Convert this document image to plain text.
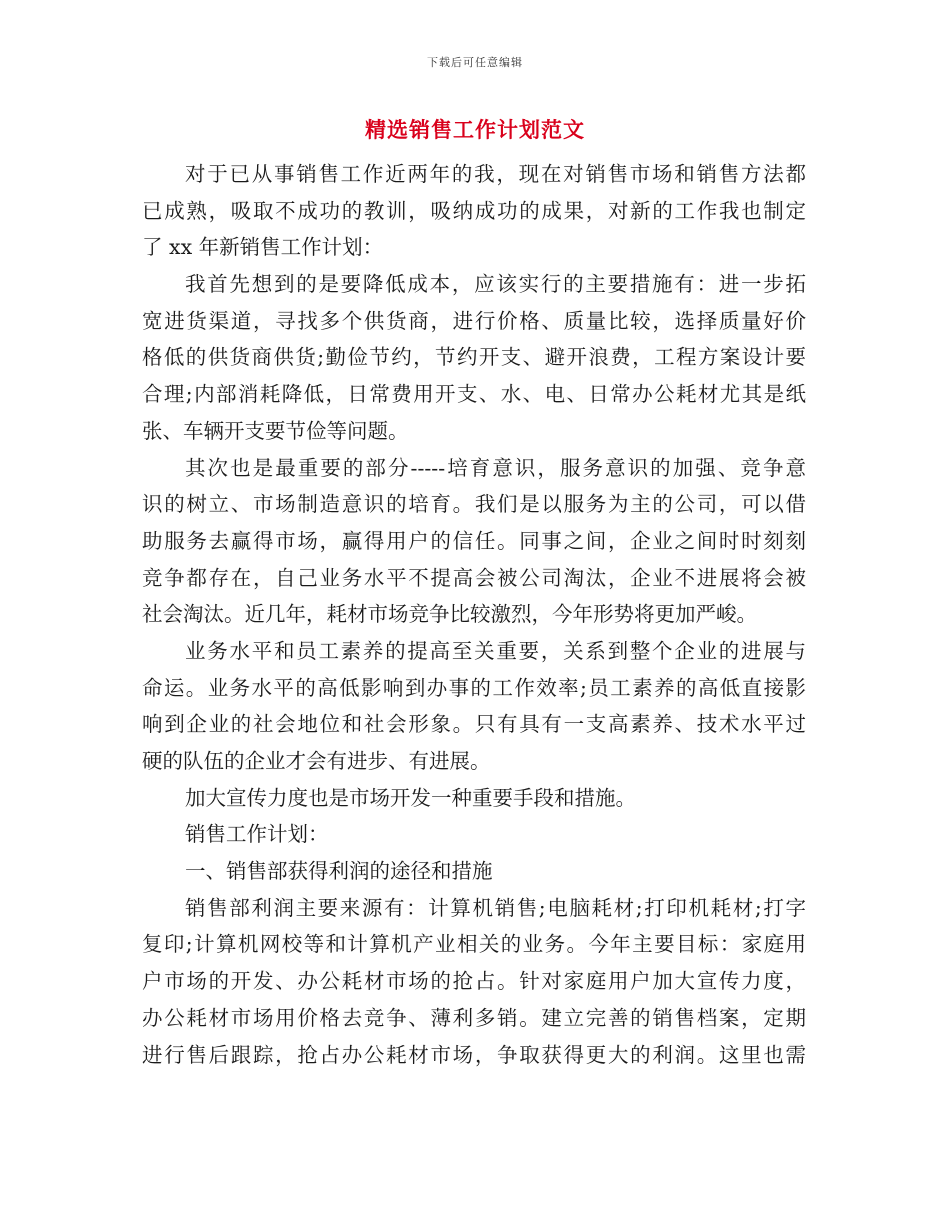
下载后可任意编辑
精选销售工作计划范文
对于已从事销售工作近两年的我，现在对销售市场和销售方法都
已成熟，吸取不成功的教训，吸纳成功的成果，对新的工作我也制定
了 xx 年新销售工作计划：
我首先想到的是要降低成本，应该实行的主要措施有：进一步拓
宽进货渠道，寻找多个供货商，进行价格、质量比较，选择质量好价
格低的供货商供货;勤俭节约，节约开支、避开浪费，工程方案设计要
合理;内部消耗降低，日常费用开支、水、电、日常办公耗材尤其是纸
张、车辆开支要节俭等问题。
其次也是最重要的部分-----培育意识，服务意识的加强、竞争意
识的树立、市场制造意识的培育。我们是以服务为主的公司，可以借
助服务去赢得市场，赢得用户的信任。同事之间，企业之间时时刻刻
竞争都存在，自己业务水平不提高会被公司淘汰，企业不进展将会被
社会淘汰。近几年，耗材市场竞争比较激烈，今年形势将更加严峻。
业务水平和员工素养的提高至关重要，关系到整个企业的进展与
命运。业务水平的高低影响到办事的工作效率;员工素养的高低直接影
响到企业的社会地位和社会形象。只有具有一支高素养、技术水平过
硬的队伍的企业才会有进步、有进展。
加大宣传力度也是市场开发一种重要手段和措施。
销售工作计划：
一、销售部获得利润的途径和措施
销售部利润主要来源有：计算机销售;电脑耗材;打印机耗材;打字
复印;计算机网校等和计算机产业相关的业务。今年主要目标：家庭用
户市场的开发、办公耗材市场的抢占。针对家庭用户加大宣传力度，
办公耗材市场用价格去竞争、薄利多销。建立完善的销售档案，定期
进行售后跟踪，抢占办公耗材市场，争取获得更大的利润。这里也需
